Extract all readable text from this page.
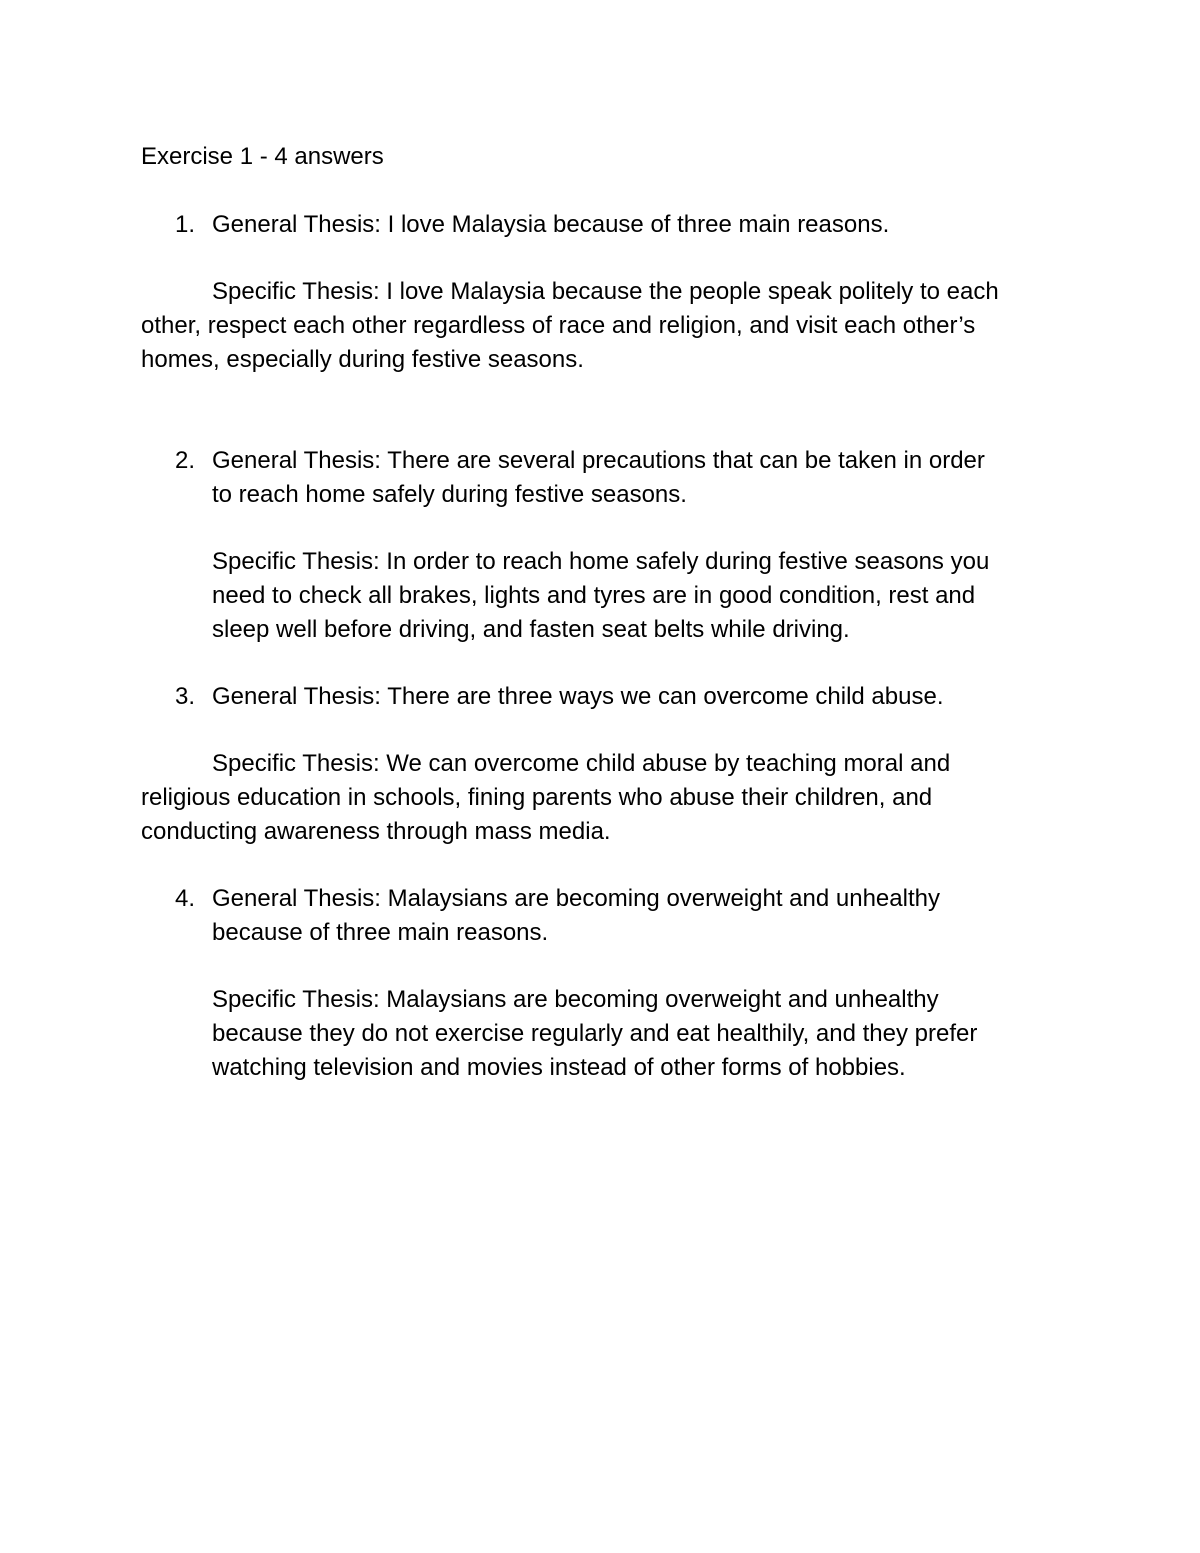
Exercise 1 - 4 answers
1. General Thesis: I love Malaysia because of three main reasons.
Specific Thesis: I love Malaysia because the people speak politely to each
other, respect each other regardless of race and religion, and visit each other’s
homes, especially during festive seasons.
2. General Thesis: There are several precautions that can be taken in order
to reach home safely during festive seasons.
Specific Thesis: In order to reach home safely during festive seasons you
need to check all brakes, lights and tyres are in good condition, rest and
sleep well before driving, and fasten seat belts while driving.
3. General Thesis: There are three ways we can overcome child abuse.
Specific Thesis: We can overcome child abuse by teaching moral and
religious education in schools, fining parents who abuse their children, and
conducting awareness through mass media.
4. General Thesis: Malaysians are becoming overweight and unhealthy
because of three main reasons.
Specific Thesis: Malaysians are becoming overweight and unhealthy
because they do not exercise regularly and eat healthily, and they prefer
watching television and movies instead of other forms of hobbies.
